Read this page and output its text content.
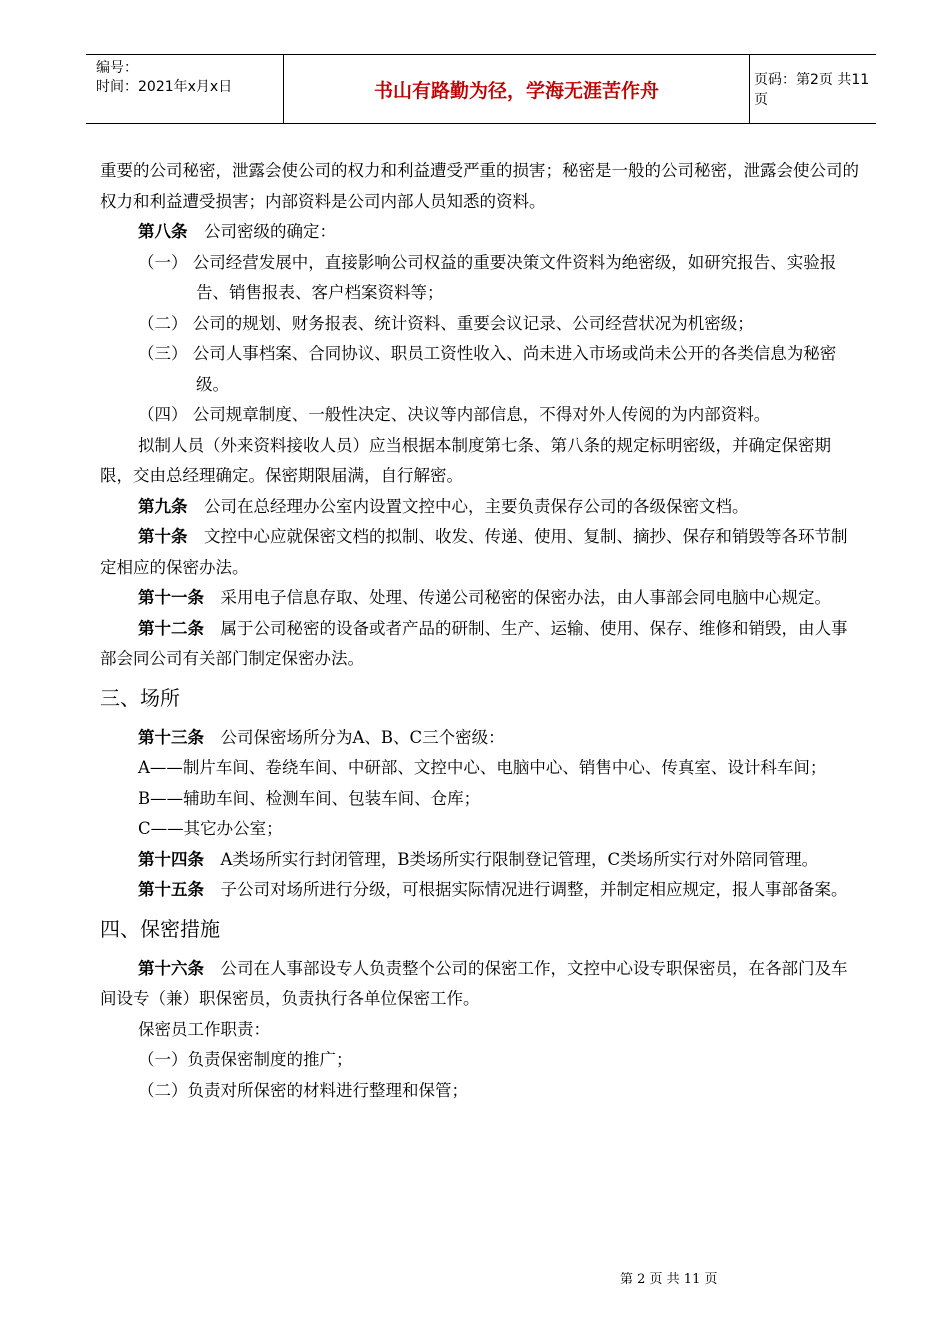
编号：
时间：2021年x月x日	书山有路勤为径，学海无涯苦作舟	页码：第2页 共11页

重要的公司秘密，泄露会使公司的权力和利益遭受严重的损害；秘密是一般的公司秘密，泄露会使公司的权力和利益遭受损害；内部资料是公司内部人员知悉的资料。

第八条　公司密级的确定：

（一） 公司经营发展中，直接影响公司权益的重要决策文件资料为绝密级，如研究报告、实验报告、销售报表、客户档案资料等；

（二） 公司的规划、财务报表、统计资料、重要会议记录、公司经营状况为机密级；

（三） 公司人事档案、合同协议、职员工资性收入、尚未进入市场或尚未公开的各类信息为秘密级。

（四） 公司规章制度、一般性决定、决议等内部信息，不得对外人传阅的为内部资料。

拟制人员（外来资料接收人员）应当根据本制度第七条、第八条的规定标明密级，并确定保密期限，交由总经理确定。保密期限届满，自行解密。

第九条　公司在总经理办公室内设置文控中心，主要负责保存公司的各级保密文档。

第十条　文控中心应就保密文档的拟制、收发、传递、使用、复制、摘抄、保存和销毁等各环节制定相应的保密办法。

第十一条　采用电子信息存取、处理、传递公司秘密的保密办法，由人事部会同电脑中心规定。

第十二条　属于公司秘密的设备或者产品的研制、生产、运输、使用、保存、维修和销毁，由人事部会同公司有关部门制定保密办法。

三、场所

第十三条　公司保密场所分为A、B、C三个密级：

A——制片车间、卷绕车间、中研部、文控中心、电脑中心、销售中心、传真室、设计科车间；

B——辅助车间、检测车间、包装车间、仓库；

C——其它办公室；

第十四条　A类场所实行封闭管理，B类场所实行限制登记管理，C类场所实行对外陪同管理。

第十五条　子公司对场所进行分级，可根据实际情况进行调整，并制定相应规定，报人事部备案。

四、保密措施

第十六条　公司在人事部设专人负责整个公司的保密工作，文控中心设专职保密员，在各部门及车间设专（兼）职保密员，负责执行各单位保密工作。

保密员工作职责：

（一）负责保密制度的推广；

（二）负责对所保密的材料进行整理和保管；

第 2 页 共 11 页
